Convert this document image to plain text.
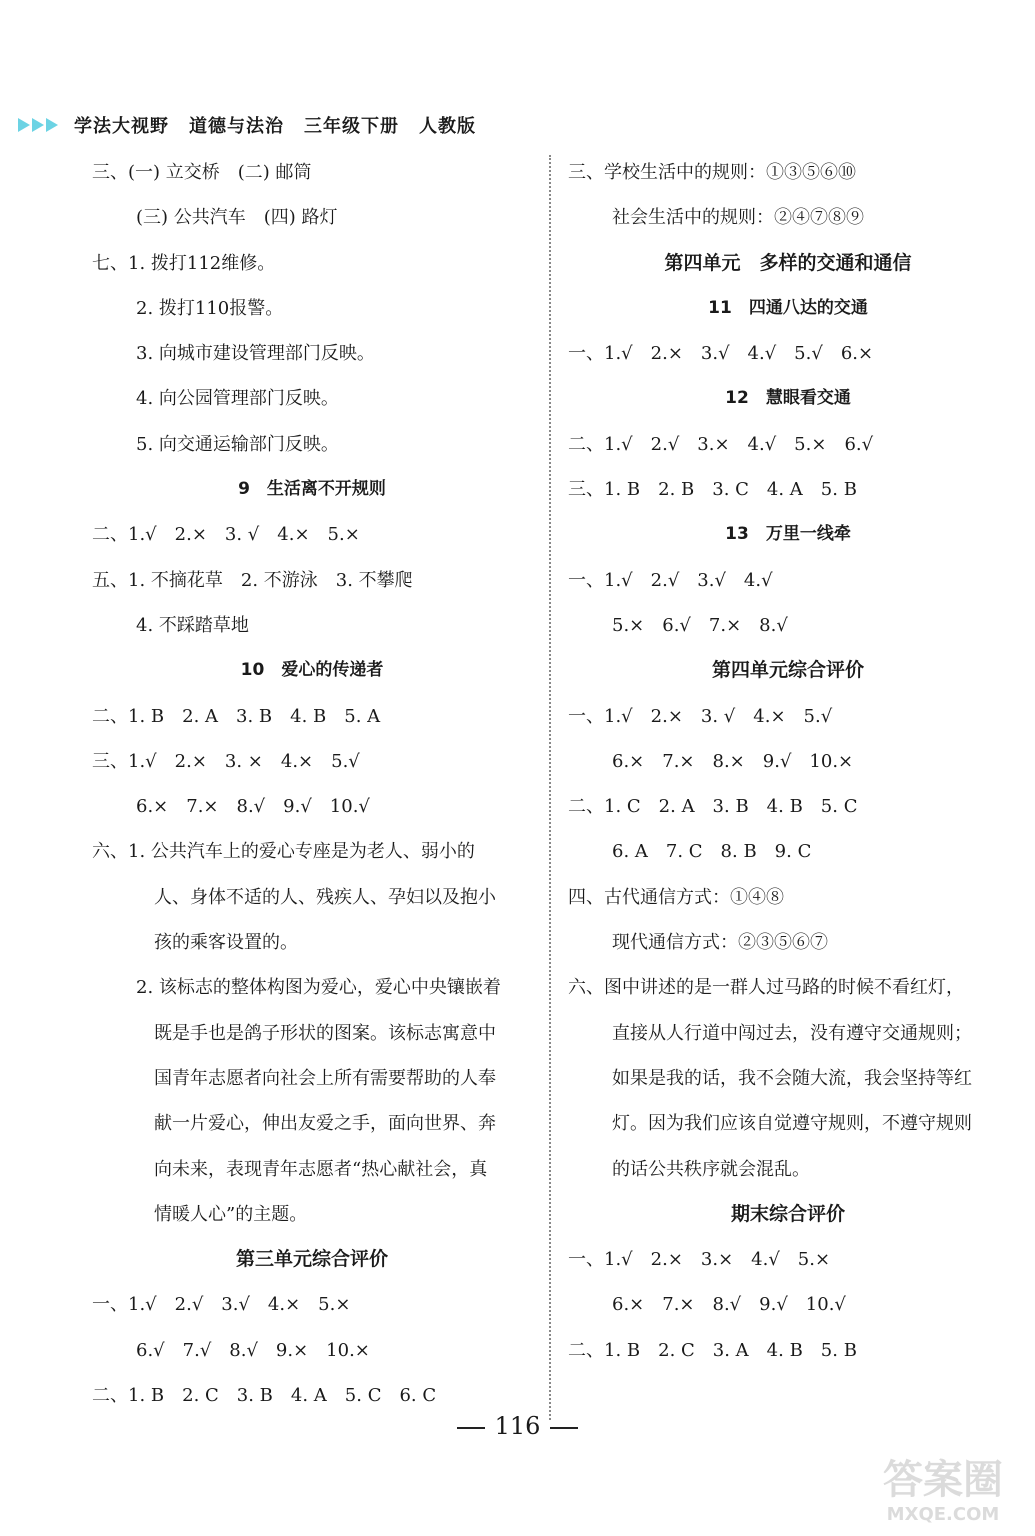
学法大视野 道德与法治 三年级下册 人教版
三、(一) 立交桥　(二) 邮筒
(三) 公共汽车　(四) 路灯
七、1. 拨打112维修。
2. 拨打110报警。
3. 向城市建设管理部门反映。
4. 向公园管理部门反映。
5. 向交通运输部门反映。
9　生活离不开规则
二、1.√　2.×　3. √　4.×　5.×
五、1. 不摘花草　2. 不游泳　3. 不攀爬
4. 不踩踏草地
10　爱心的传递者
二、1. B　2. A　3. B　4. B　5. A
三、1.√　2.×　3. ×　4.×　5.√
6.×　7.×　8.√　9.√　10.√
六、1. 公共汽车上的爱心专座是为老人、弱小的
人、身体不适的人、残疾人、孕妇以及抱小
孩的乘客设置的。
2. 该标志的整体构图为爱心，爱心中央镶嵌着
既是手也是鸽子形状的图案。该标志寓意中
国青年志愿者向社会上所有需要帮助的人奉
献一片爱心，伸出友爱之手，面向世界、奔
向未来，表现青年志愿者“热心献社会，真
情暖人心”的主题。
第三单元综合评价
一、1.√　2.√　3.√　4.×　5.×
6.√　7.√　8.√　9.×　10.×
二、1. B　2. C　3. B　4. A　5. C　6. C
三、学校生活中的规则：①③⑤⑥⑩
社会生活中的规则：②④⑦⑧⑨
第四单元　多样的交通和通信
11　四通八达的交通
一、1.√　2.×　3.√　4.√　5.√　6.×
12　慧眼看交通
二、1.√　2.√　3.×　4.√　5.×　6.√
三、1. B　2. B　3. C　4. A　5. B
13　万里一线牵
一、1.√　2.√　3.√　4.√
5.×　6.√　7.×　8.√
第四单元综合评价
一、1.√　2.×　3. √　4.×　5.√
6.×　7.×　8.×　9.√　10.×
二、1. C　2. A　3. B　4. B　5. C
6. A　7. C　8. B　9. C
四、古代通信方式：①④⑧
现代通信方式：②③⑤⑥⑦
六、图中讲述的是一群人过马路的时候不看红灯，
直接从人行道中闯过去，没有遵守交通规则；
如果是我的话，我不会随大流，我会坚持等红
灯。因为我们应该自觉遵守规则，不遵守规则
的话公共秩序就会混乱。
期末综合评价
一、1.√　2.×　3.×　4.√　5.×
6.×　7.×　8.√　9.√　10.√
二、1. B　2. C　3. A　4. B　5. B
116
答案圈
MXQE.COM
